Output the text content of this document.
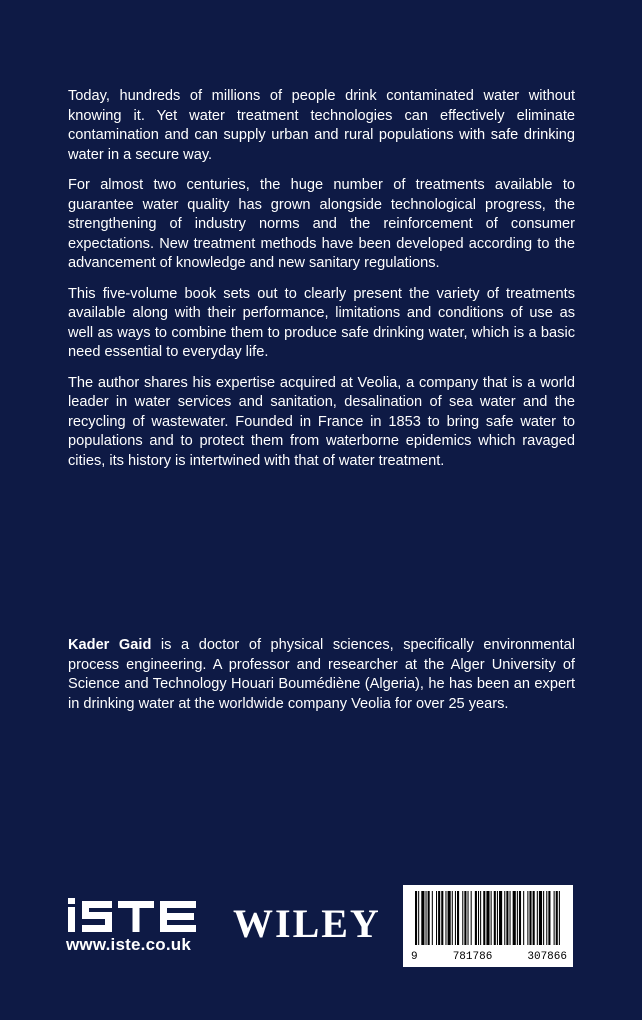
Today, hundreds of millions of people drink contaminated water without knowing it. Yet water treatment technologies can effectively eliminate contamination and can supply urban and rural populations with safe drinking water in a secure way.

For almost two centuries, the huge number of treatments available to guarantee water quality has grown alongside technological progress, the strengthening of industry norms and the reinforcement of consumer expectations. New treatment methods have been developed according to the advancement of knowledge and new sanitary regulations.

This five-volume book sets out to clearly present the variety of treatments available along with their performance, limitations and conditions of use as well as ways to combine them to produce safe drinking water, which is a basic need essential to everyday life.

The author shares his expertise acquired at Veolia, a company that is a world leader in water services and sanitation, desalination of sea water and the recycling of wastewater. Founded in France in 1853 to bring safe water to populations and to protect them from waterborne epidemics which ravaged cities, its history is intertwined with that of water treatment.

Kader Gaid is a doctor of physical sciences, specifically environmental process engineering. A professor and researcher at the Alger University of Science and Technology Houari Boumédiène (Algeria), he has been an expert in drinking water at the worldwide company Veolia for over 25 years.

www.iste.co.uk WILEY
9	781786	307866
